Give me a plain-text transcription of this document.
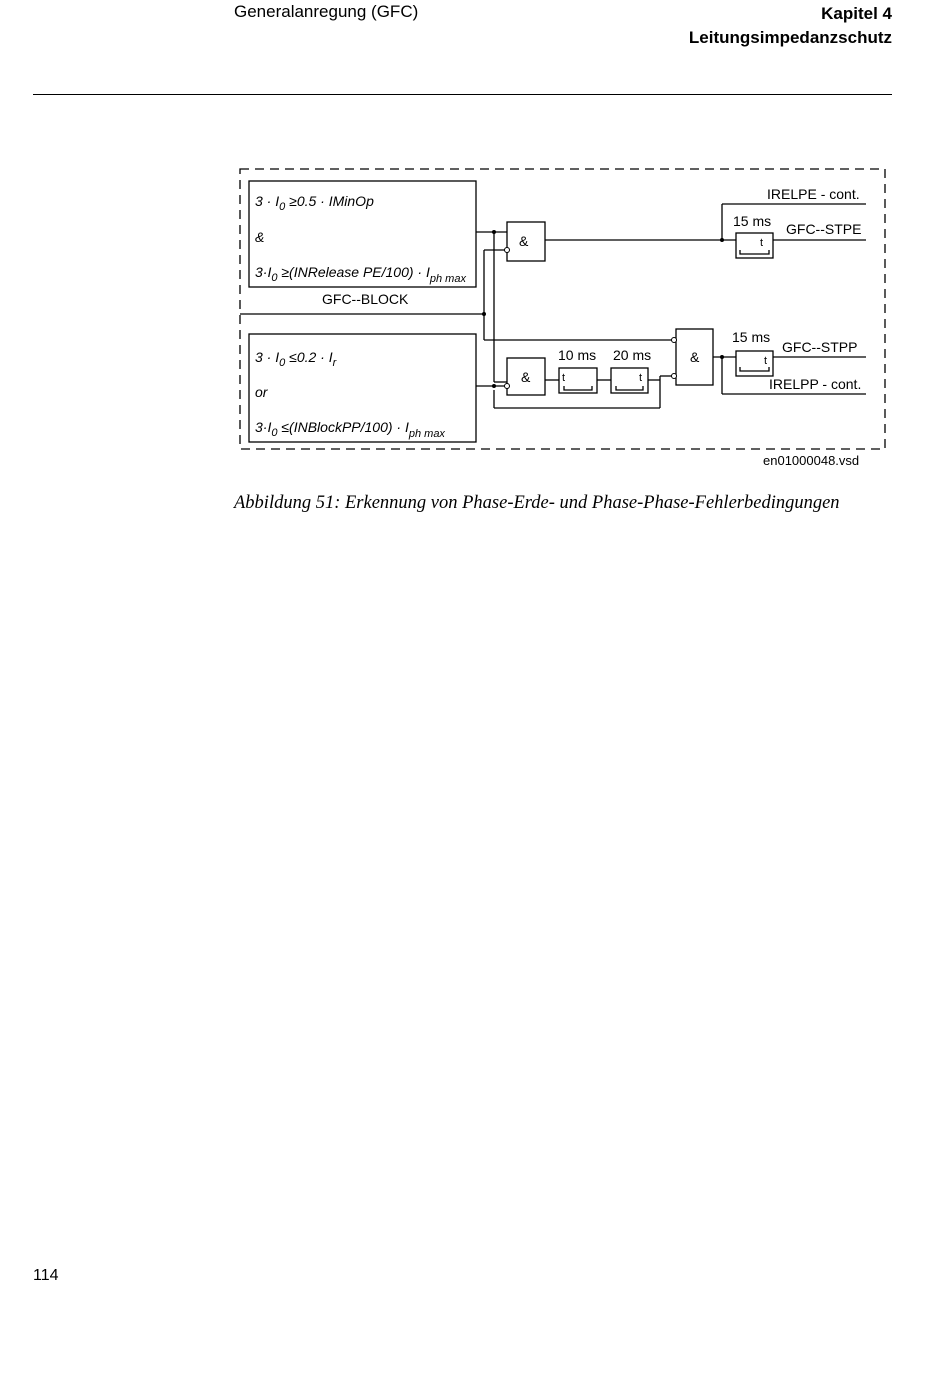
Generalanregung (GFC)	Kapitel 4
Leitungsimpedanzschutz
$3 \cdot I_0 \ge 0.5$ · IMinOp
&
$3\cdot I_0$ ≥(INRelease $PE/100) \cdot I_{ph max}$
GFC--BLOCK
$3 \cdot I_0 \le 0.2 \cdot I_r$
or
$3\cdot I_0$ ≤(INBlockPP/100) · $I_{ph max}$
&
&
10 ms
t
20 ms
t
&
15 ms
t
15 ms
t
IRELPE - cont.
GFC--STPE
GFC--STPP
IRELPP - cont.
en01000048.vsd
Abbildung 51: Erkennung von Phase-Erde- und Phase-Phase-Fehlerbedingungen
114
